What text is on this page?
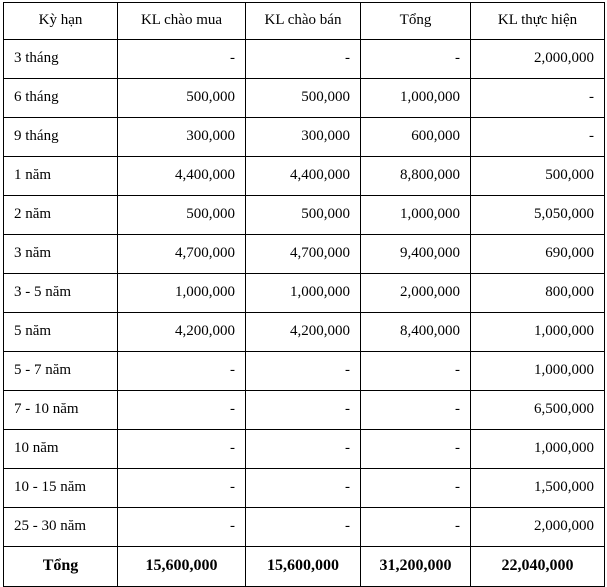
Kỳ hạn	KL chào mua	KL chào bán	Tổng	KL thực hiện
3 tháng	-	-	-	2,000,000
6 tháng	500,000	500,000	1,000,000	-
9 tháng	300,000	300,000	600,000	-
1 năm	4,400,000	4,400,000	8,800,000	500,000
2 năm	500,000	500,000	1,000,000	5,050,000
3 năm	4,700,000	4,700,000	9,400,000	690,000
3 - 5 năm	1,000,000	1,000,000	2,000,000	800,000
5 năm	4,200,000	4,200,000	8,400,000	1,000,000
5 - 7 năm	-	-	-	1,000,000
7 - 10 năm	-	-	-	6,500,000
10 năm	-	-	-	1,000,000
10 - 15 năm	-	-	-	1,500,000
25 - 30 năm	-	-	-	2,000,000
Tổng	15,600,000	15,600,000	31,200,000	22,040,000
